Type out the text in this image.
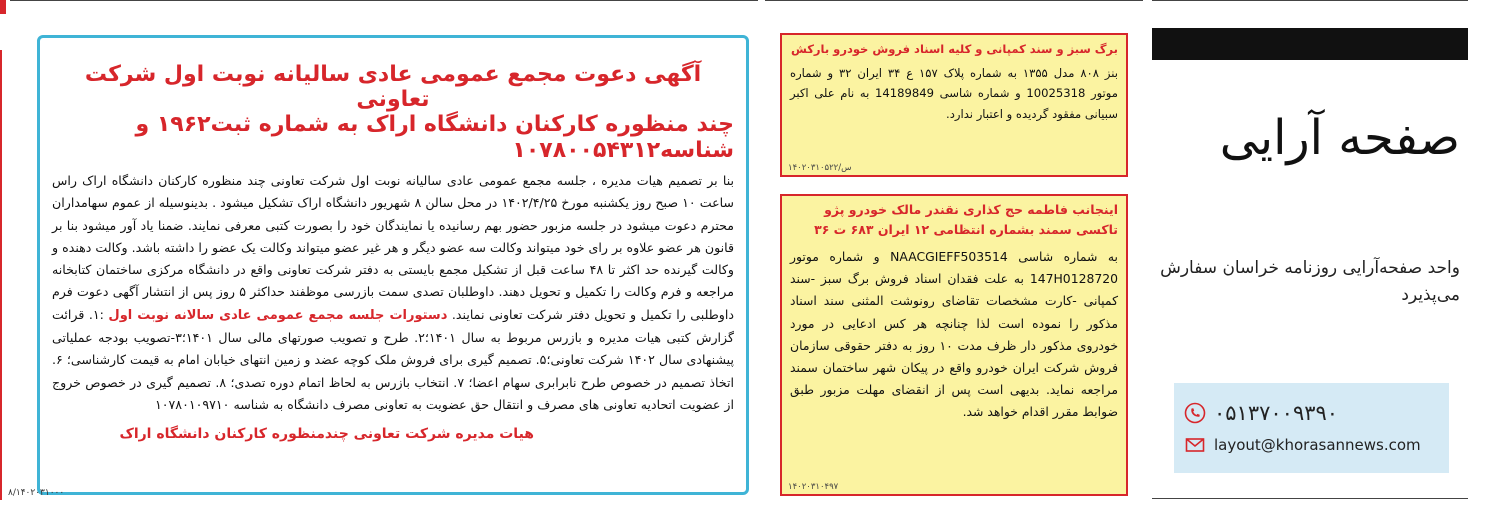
آگهی دعوت مجمع عمومی عادی سالیانه نوبت اول شرکت تعاونی

چند منظوره کارکنان دانشگاه اراک به شماره ثبت۱۹۶۲ و شناسه۱۰۷۸۰۰۵۴۳۱۲

بنا بر تصمیم هیات مدیره ، جلسه مجمع عمومی عادی سالیانه نوبت اول شرکت تعاونی چند منظوره کارکنان دانشگاه اراک راس ساعت ۱۰ صبح روز یکشنبه مورخ ۱۴۰۲/۴/۲۵ در محل سالن ۸ شهریور دانشگاه اراک تشکیل میشود . بدینوسیله از عموم سهامداران محترم دعوت میشود در جلسه مزبور حضور بهم رسانیده یا نمایندگان خود را بصورت کتبی معرفی نمایند. ضمنا یاد آور میشود بنا بر قانون هر عضو علاوه بر رای خود میتواند وکالت سه عضو دیگر و هر غیر عضو میتواند وکالت یک عضو را داشته باشد. وکالت دهنده و وکالت گیرنده حد اکثر تا ۴۸ ساعت قبل از تشکیل مجمع بایستی به دفتر شرکت تعاونی واقع در دانشگاه مرکزی ساختمان کتابخانه مراجعه و فرم وکالت را تکمیل و تحویل دهند. داوطلبان تصدی سمت بازرسی موظفند حداکثر ۵ روز پس از انتشار آگهی دعوت فرم داوطلبی را تکمیل و تحویل دفتر شرکت تعاونی نمایند. دستورات جلسه مجمع عمومی عادی سالانه نوبت اول :۱. قرائت گزارش کتبی هیات مدیره و بازرس مربوط به سال ۱۴۰۱؛۲. طرح و تصویب صورتهای مالی سال ۱۴۰۱؛۳-تصویب بودجه عملیاتی پیشنهادی سال ۱۴۰۲ شرکت تعاونی؛۵. تصمیم گیری برای فروش ملک کوچه عضد و زمین انتهای خیابان امام به قیمت کارشناسی؛ ۶. اتخاذ تصمیم در خصوص طرح نابرابری سهام اعضا؛ ۷. انتخاب بازرس به لحاظ اتمام دوره تصدی؛ ۸. تصمیم گیری در خصوص خروج از عضویت اتحادیه تعاونی های مصرف و انتقال حق عضویت به تعاونی مصرف دانشگاه به شناسه ۱۰۷۸۰۱۰۹۷۱۰

هیات مدیره شرکت تعاونی چندمنظوره کارکنان دانشگاه اراک

۸/۱۴۰۲۰۳۱۰۰۰

برگ سبز و سند کمپانی و کلیه اسناد فروش خودرو بارکش

بنز ۸۰۸ مدل ۱۳۵۵ به شماره پلاک ۱۵۷ ع ۳۴ ایران ۳۲ و شماره موتور 10025318 و شماره شاسی 14189849 به نام علی اکبر سبیانی مفقود گردیده و اعتبار ندارد.

۱۴۰۲۰۳۱۰۵۲۲/س

اینجانب فاطمه حج کذاری نقندر مالک خودرو پژو تاکسی سمند بشماره انتظامی ۱۲ ایران ۶۸۳ ت ۳۶

به شماره شاسی NAACGIEFF503514 و شماره موتور 147H0128720 به علت فقدان اسناد فروش برگ سبز -سند کمپانی -کارت مشخصات تقاضای رونوشت المثنی سند اسناد مذکور را نموده است لذا چنانچه هر کس ادعایی در مورد خودروی مذکور دار ظرف مدت ۱۰ روز به دفتر حقوقی سازمان فروش شرکت ایران خودرو واقع در پیکان شهر ساختمان سمند مراجعه نماید. بدیهی است پس از انقضای مهلت مزبور طبق ضوابط مقرر اقدام خواهد شد.

۱۴۰۲۰۳۱۰۴۹۷
صفحه آرایی
واحد صفحه‌آرایی روزنامه خراسان سفارش می‌پذیرد
۰۵۱۳۷۰۰۹۳۹۰
layout@khorasannews.com
